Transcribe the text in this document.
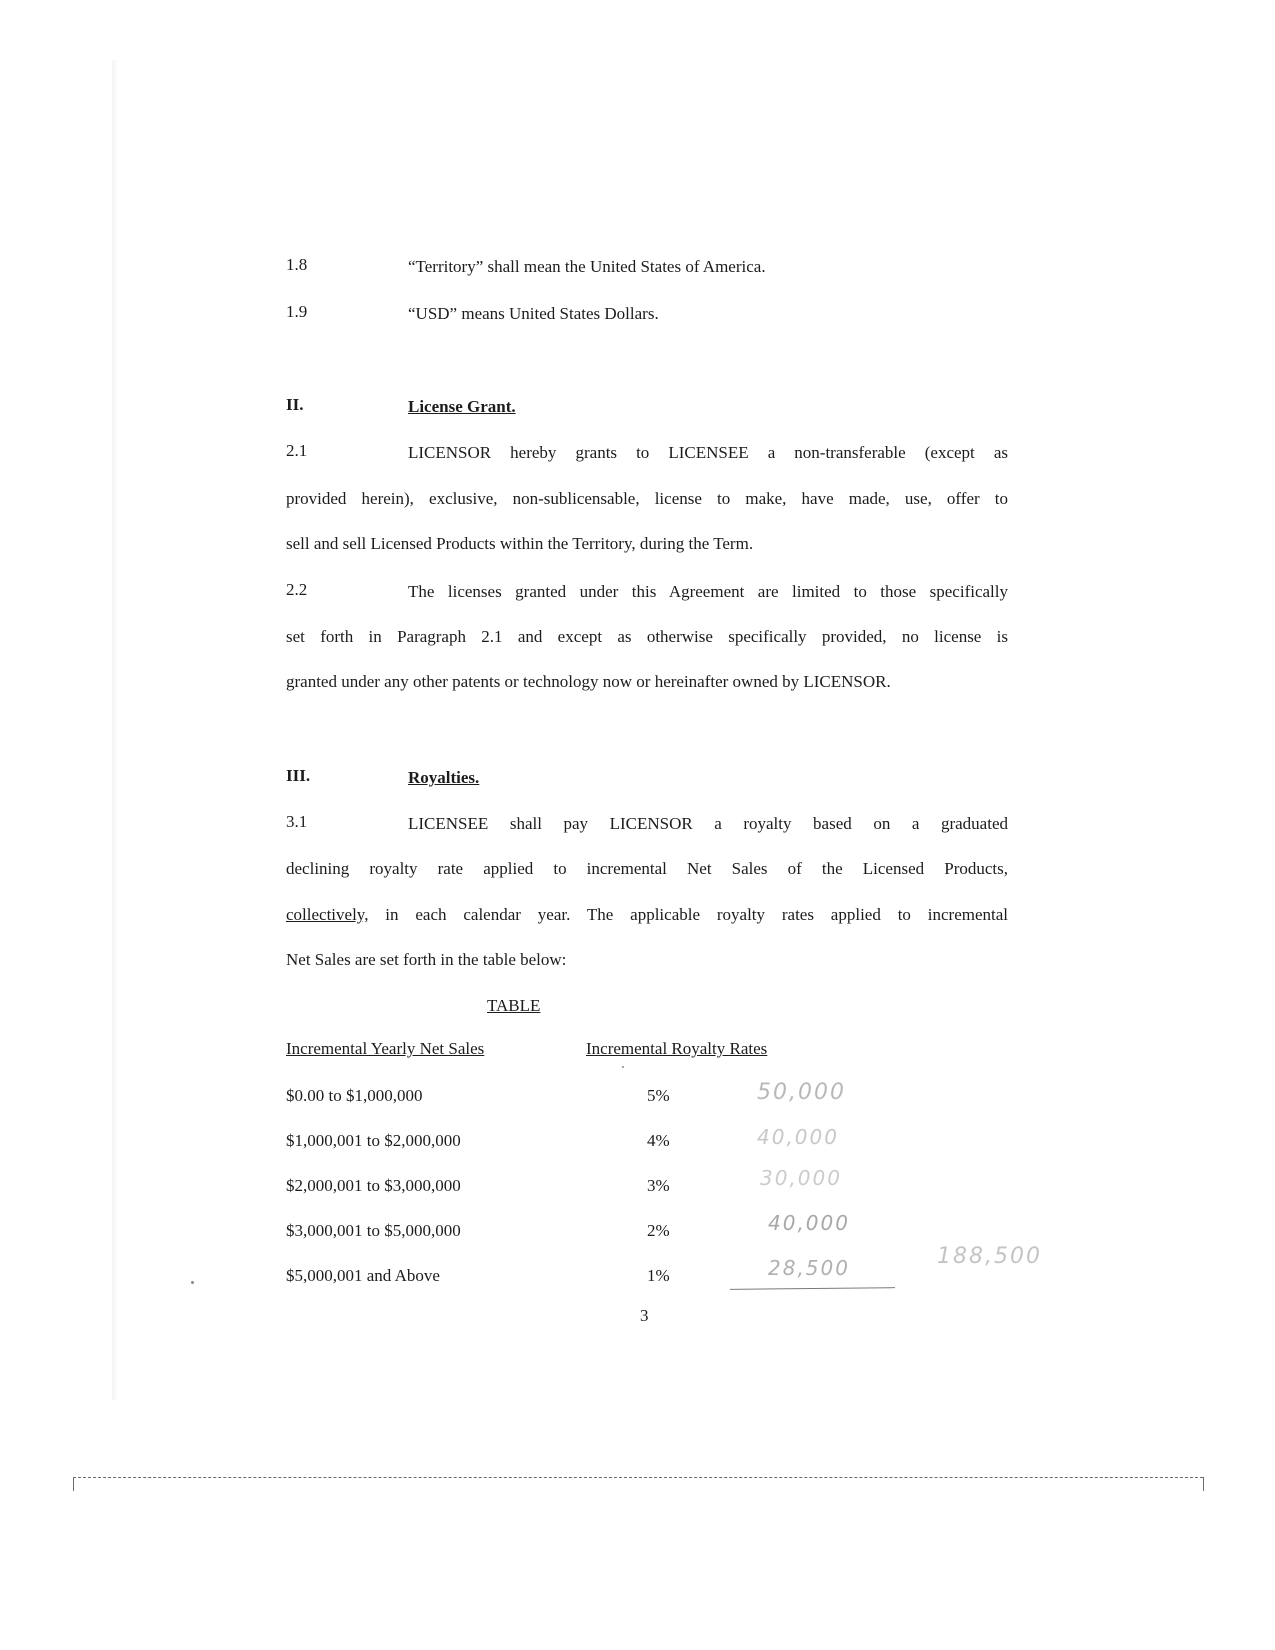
1.8	“Territory” shall mean the United States of America.
1.9	“USD” means United States Dollars.
II.	License Grant.
2.1	LICENSOR hereby grants to LICENSEE a non-transferable (except as
provided herein), exclusive, non-sublicensable, license to make, have made, use, offer to
sell and sell Licensed Products within the Territory, during the Term.
2.2	The licenses granted under this Agreement are limited to those specifically
set forth in Paragraph 2.1 and except as otherwise specifically provided, no license is
granted under any other patents or technology now or hereinafter owned by LICENSOR.
III.	Royalties.
3.1	LICENSEE shall pay LICENSOR a royalty based on a graduated
declining royalty rate applied to incremental Net Sales of the Licensed Products,
collectively, in each calendar year. The applicable royalty rates applied to incremental
Net Sales are set forth in the table below:
TABLE
Incremental Yearly Net Sales	Incremental Royalty Rates
$0.00 to $1,000,000	5%	50,000
$1,000,001 to $2,000,000	4%	40,000
$2,000,001 to $3,000,000	3%	30,000
$3,000,001 to $5,000,000	2%	40,000
$5,000,001 and Above	1%	28,500	188,500
3
